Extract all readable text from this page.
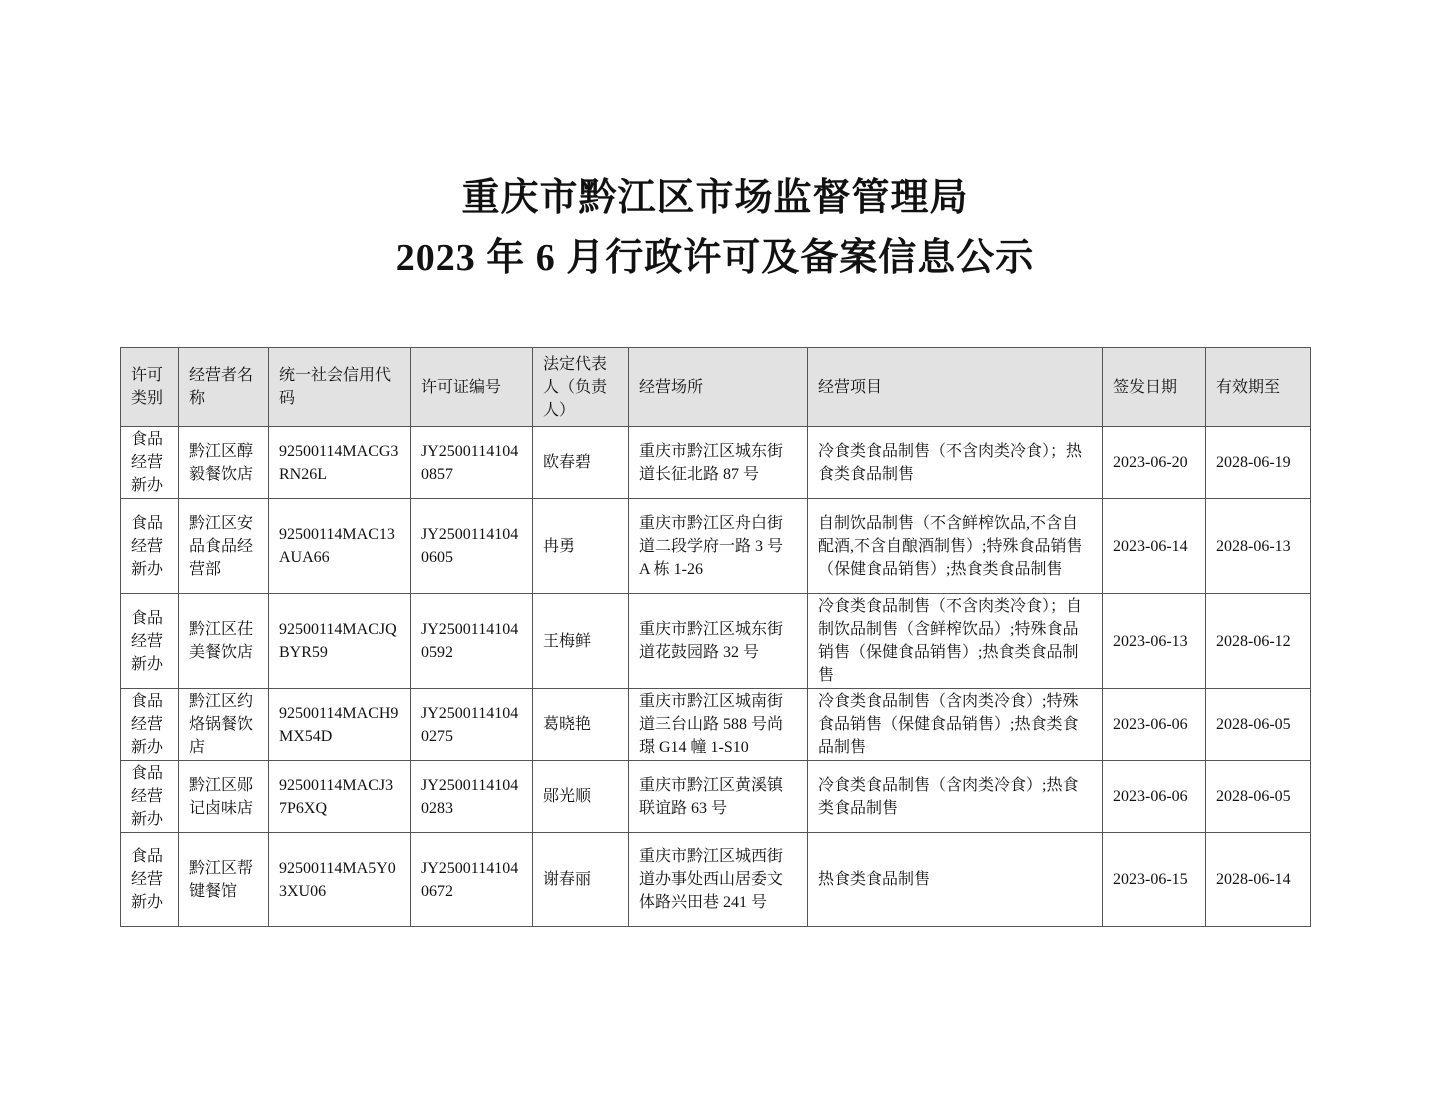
重庆市黔江区市场监督管理局
2023 年 6 月行政许可及备案信息公示
许可类别	经营者名称	统一社会信用代码	许可证编号	法定代表人（负责人）	经营场所	经营项目	签发日期	有效期至
食品经营新办	黔江区醇毅餐饮店	92500114MACG3RN26L	JY25001141040857	欧春碧	重庆市黔江区城东街道长征北路 87 号	冷食类食品制售（不含肉类冷食）；热食类食品制售	2023-06-20	2028-06-19
食品经营新办	黔江区安品食品经营部	92500114MAC13AUA66	JY25001141040605	冉勇	重庆市黔江区舟白街道二段学府一路 3 号 A 栋 1-26	自制饮品制售（不含鲜榨饮品,不含自配酒,不含自酿酒制售）;特殊食品销售（保健食品销售）;热食类食品制售	2023-06-14	2028-06-13
食品经营新办	黔江区茌美餐饮店	92500114MACJQBYR59	JY25001141040592	王梅鲜	重庆市黔江区城东街道花鼓园路 32 号	冷食类食品制售（不含肉类冷食）；自制饮品制售（含鲜榨饮品）;特殊食品销售（保健食品销售）;热食类食品制售	2023-06-13	2028-06-12
食品经营新办	黔江区约烙锅餐饮店	92500114MACH9MX54D	JY25001141040275	葛晓艳	重庆市黔江区城南街道三台山路 588 号尚璟 G14 幢 1-S10	冷食类食品制售（含肉类冷食）;特殊食品销售（保健食品销售）;热食类食品制售	2023-06-06	2028-06-05
食品经营新办	黔江区郧记卤味店	92500114MACJ37P6XQ	JY25001141040283	郧光顺	重庆市黔江区黄溪镇联谊路 63 号	冷食类食品制售（含肉类冷食）;热食类食品制售	2023-06-06	2028-06-05
食品经营新办	黔江区帮键餐馆	92500114MA5Y03XU06	JY25001141040672	谢春丽	重庆市黔江区城西街道办事处西山居委文体路兴田巷 241 号	热食类食品制售	2023-06-15	2028-06-14
